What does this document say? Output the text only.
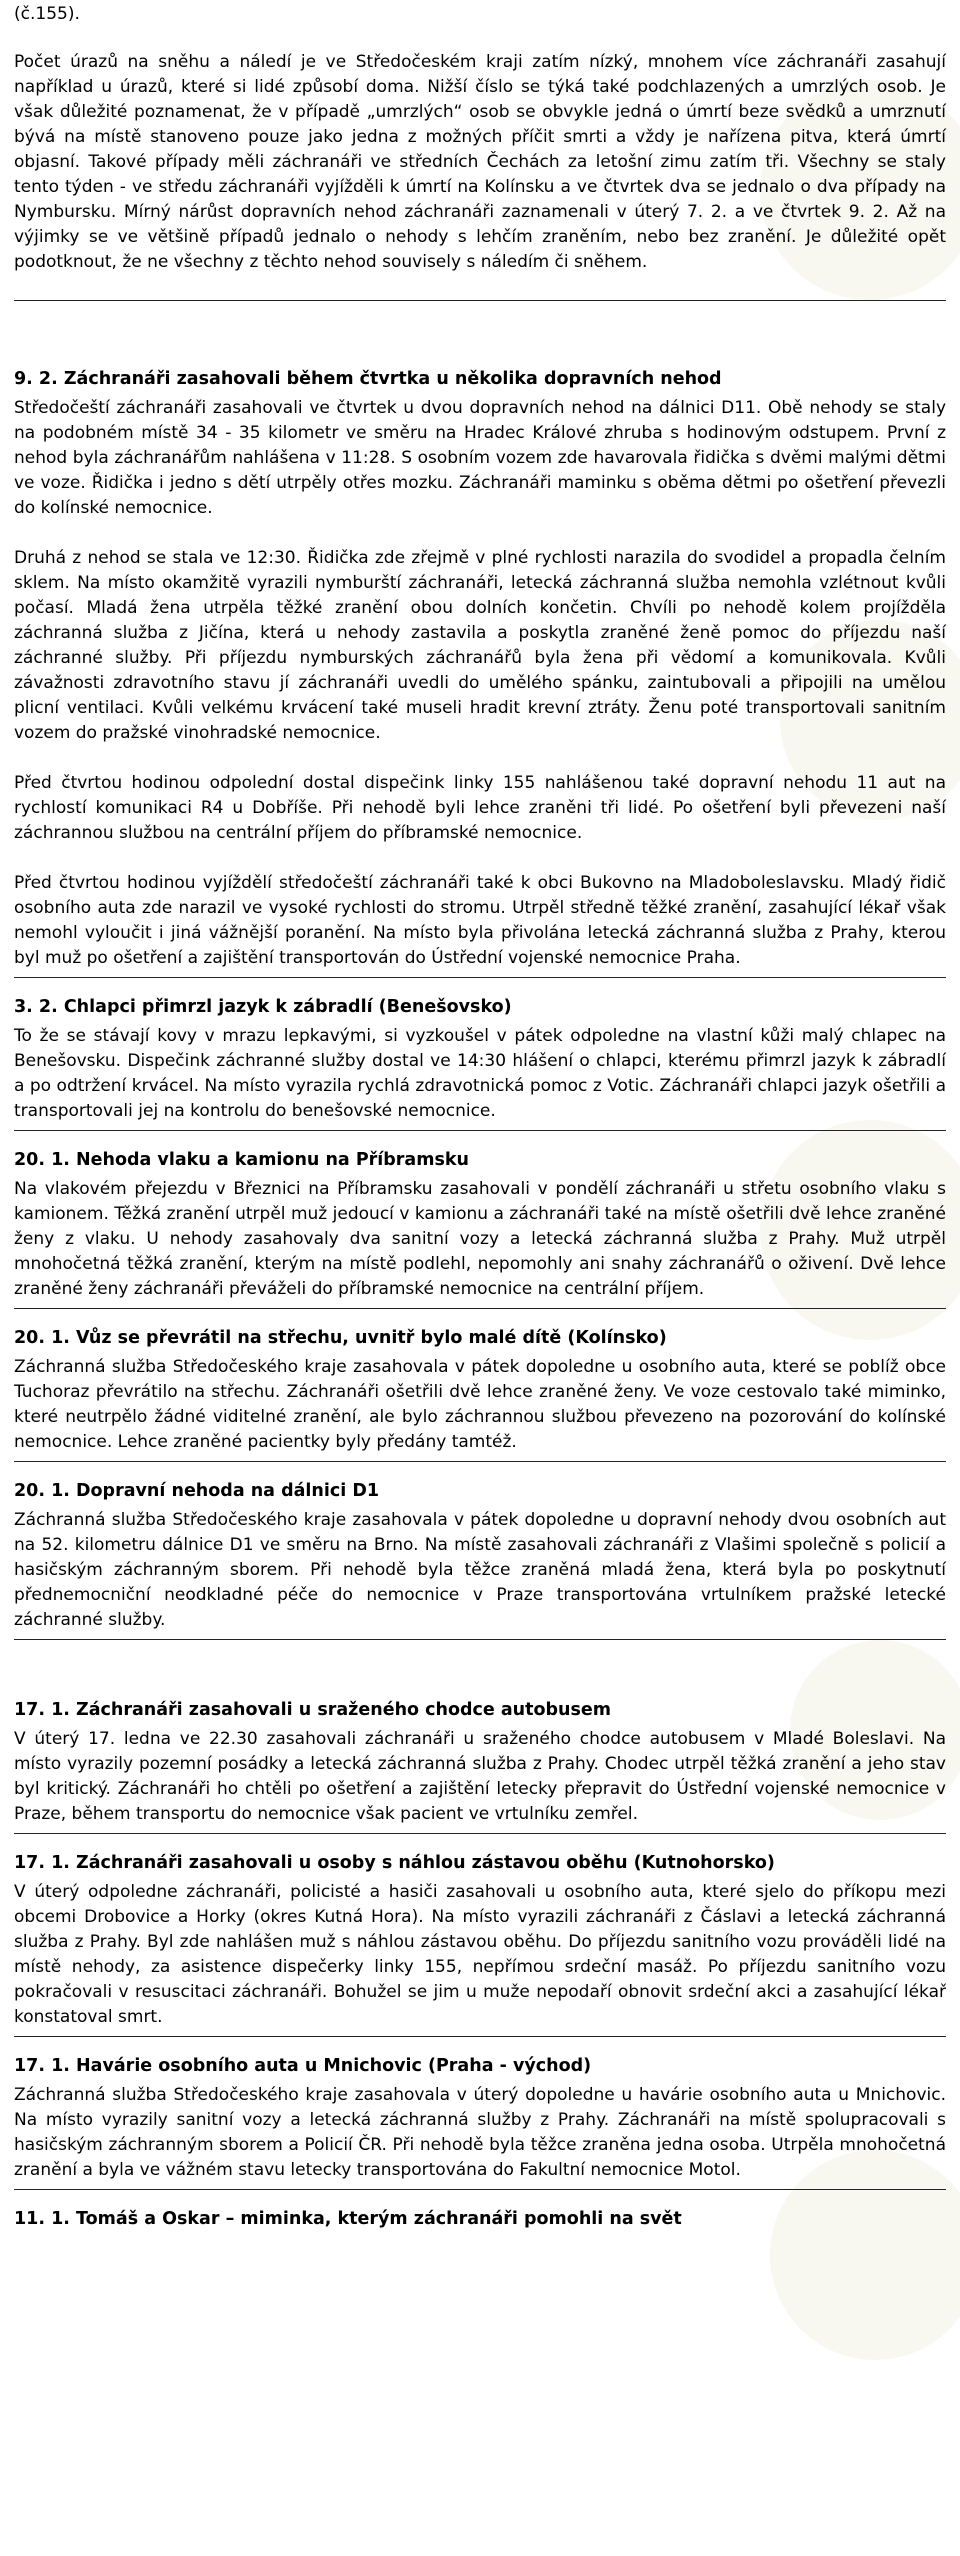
(č.155).

Počet úrazů na sněhu a náledí je ve Středočeském kraji zatím nízký, mnohem více záchranáři zasahují například u úrazů, které si lidé způsobí doma. Nižší číslo se týká také podchlazených a umrzlých osob. Je však důležité poznamenat, že v případě „umrzlých“ osob se obvykle jedná o úmrtí beze svědků a umrznutí bývá na místě stanoveno pouze jako jedna z možných příčit smrti a vždy je nařízena pitva, která úmrtí objasní. Takové případy měli záchranáři ve středních Čechách za letošní zimu zatím tři. Všechny se staly tento týden - ve středu záchranáři vyjížděli k úmrtí na Kolínsku a ve čtvrtek dva se jednalo o dva případy na Nymbursku. Mírný nárůst dopravních nehod záchranáři zaznamenali v úterý 7. 2. a ve čtvrtek 9. 2. Až na výjimky se ve většině případů jednalo o nehody s lehčím zraněním, nebo bez zranění. Je důležité opět podotknout, že ne všechny z těchto nehod souvisely s náledím či sněhem.

9. 2. Záchranáři zasahovali během čtvrtka u několika dopravních nehod

Středočeští záchranáři zasahovali ve čtvrtek u dvou dopravních nehod na dálnici D11. Obě nehody se staly na podobném místě 34 - 35 kilometr ve směru na Hradec Králové zhruba s hodinovým odstupem. První z nehod byla záchranářům nahlášena v 11:28. S osobním vozem zde havarovala řidička s dvěmi malými dětmi ve voze. Řidička i jedno s dětí utrpěly otřes mozku. Záchranáři maminku s oběma dětmi po ošetření převezli do kolínské nemocnice.

Druhá z nehod se stala ve 12:30. Řidička zde zřejmě v plné rychlosti narazila do svodidel a propadla čelním sklem. Na místo okamžitě vyrazili nymburští záchranáři, letecká záchranná služba nemohla vzlétnout kvůli počasí. Mladá žena utrpěla těžké zranění obou dolních končetin. Chvíli po nehodě kolem projížděla záchranná služba z Jičína, která u nehody zastavila a poskytla zraněné ženě pomoc do příjezdu naší záchranné služby. Při příjezdu nymburských záchranářů byla žena při vědomí a komunikovala. Kvůli závažnosti zdravotního stavu jí záchranáři uvedli do umělého spánku, zaintubovali a připojili na umělou plicní ventilaci. Kvůli velkému krvácení také museli hradit krevní ztráty. Ženu poté transportovali sanitním vozem do pražské vinohradské nemocnice.

Před čtvrtou hodinou odpolední dostal dispečink linky 155 nahlášenou také dopravní nehodu 11 aut na rychlostí komunikaci R4 u Dobříše. Při nehodě byli lehce zraněni tři lidé. Po ošetření byli převezeni naší záchrannou službou na centrální příjem do příbramské nemocnice.

Před čtvrtou hodinou vyjíždělí středočeští záchranáři také k obci Bukovno na Mladoboleslavsku. Mladý řidič osobního auta zde narazil ve vysoké rychlosti do stromu. Utrpěl středně těžké zranění, zasahující lékař však nemohl vyloučit i jiná vážnější poranění. Na místo byla přivolána letecká záchranná služba z Prahy, kterou byl muž po ošetření a zajištění transportován do Ústřední vojenské nemocnice Praha.

3. 2. Chlapci přimrzl jazyk k zábradlí (Benešovsko)

To že se stávají kovy v mrazu lepkavými, si vyzkoušel v pátek odpoledne na vlastní kůži malý chlapec na Benešovsku. Dispečink záchranné služby dostal ve 14:30 hlášení o chlapci, kterému přimrzl jazyk k zábradlí a po odtržení krvácel. Na místo vyrazila rychlá zdravotnická pomoc z Votic. Záchranáři chlapci jazyk ošetřili a transportovali jej na kontrolu do benešovské nemocnice.

20. 1. Nehoda vlaku a kamionu na Příbramsku

Na vlakovém přejezdu v Březnici na Příbramsku zasahovali v pondělí záchranáři u střetu osobního vlaku s kamionem. Těžká zranění utrpěl muž jedoucí v kamionu a záchranáři také na místě ošetřili dvě lehce zraněné ženy z vlaku. U nehody zasahovaly dva sanitní vozy a letecká záchranná služba z Prahy. Muž utrpěl mnohočetná těžká zranění, kterým na místě podlehl, nepomohly ani snahy záchranářů o oživení. Dvě lehce zraněné ženy záchranáři převáželi do příbramské nemocnice na centrální příjem.

20. 1. Vůz se převrátil na střechu, uvnitř bylo malé dítě (Kolínsko)

Záchranná služba Středočeského kraje zasahovala v pátek dopoledne u osobního auta, které se poblíž obce Tuchoraz převrátilo na střechu. Záchranáři ošetřili dvě lehce zraněné ženy. Ve voze cestovalo také miminko, které neutrpělo žádné viditelné zranění, ale bylo záchrannou službou převezeno na pozorování do kolínské nemocnice. Lehce zraněné pacientky byly předány tamtéž.

20. 1. Dopravní nehoda na dálnici D1

Záchranná služba Středočeského kraje zasahovala v pátek dopoledne u dopravní nehody dvou osobních aut na 52. kilometru dálnice D1 ve směru na Brno. Na místě zasahovali záchranáři z Vlašimi společně s policií a hasičským záchranným sborem. Při nehodě byla těžce zraněná mladá žena, která byla po poskytnutí přednemocniční neodkladné péče do nemocnice v Praze transportována vrtulníkem pražské letecké záchranné služby.

17. 1. Záchranáři zasahovali u sraženého chodce autobusem

V úterý 17. ledna ve 22.30 zasahovali záchranáři u sraženého chodce autobusem v Mladé Boleslavi. Na místo vyrazily pozemní posádky a letecká záchranná služba z Prahy. Chodec utrpěl těžká zranění a jeho stav byl kritický. Záchranáři ho chtěli po ošetření a zajištění letecky přepravit do Ústřední vojenské nemocnice v Praze, během transportu do nemocnice však pacient ve vrtulníku zemřel.

17. 1. Záchranáři zasahovali u osoby s náhlou zástavou oběhu (Kutnohorsko)

V úterý odpoledne záchranáři, policisté a hasiči zasahovali u osobního auta, které sjelo do příkopu mezi obcemi Drobovice a Horky (okres Kutná Hora). Na místo vyrazili záchranáři z Čáslavi a letecká záchranná služba z Prahy. Byl zde nahlášen muž s náhlou zástavou oběhu. Do příjezdu sanitního vozu prováděli lidé na místě nehody, za asistence dispečerky linky 155, nepřímou srdeční masáž. Po příjezdu sanitního vozu pokračovali v resuscitaci záchranáři. Bohužel se jim u muže nepodaří obnovit srdeční akci a zasahující lékař konstatoval smrt.

17. 1. Havárie osobního auta u Mnichovic (Praha - východ)

Záchranná služba Středočeského kraje zasahovala v úterý dopoledne u havárie osobního auta u Mnichovic. Na místo vyrazily sanitní vozy a letecká záchranná služby z Prahy. Záchranáři na místě spolupracovali s hasičským záchranným sborem a Policií ČR. Při nehodě byla těžce zraněna jedna osoba. Utrpěla mnohočetná zranění a byla ve vážném stavu letecky transportována do Fakultní nemocnice Motol.

11. 1. Tomáš a Oskar – miminka, kterým záchranáři pomohli na svět
